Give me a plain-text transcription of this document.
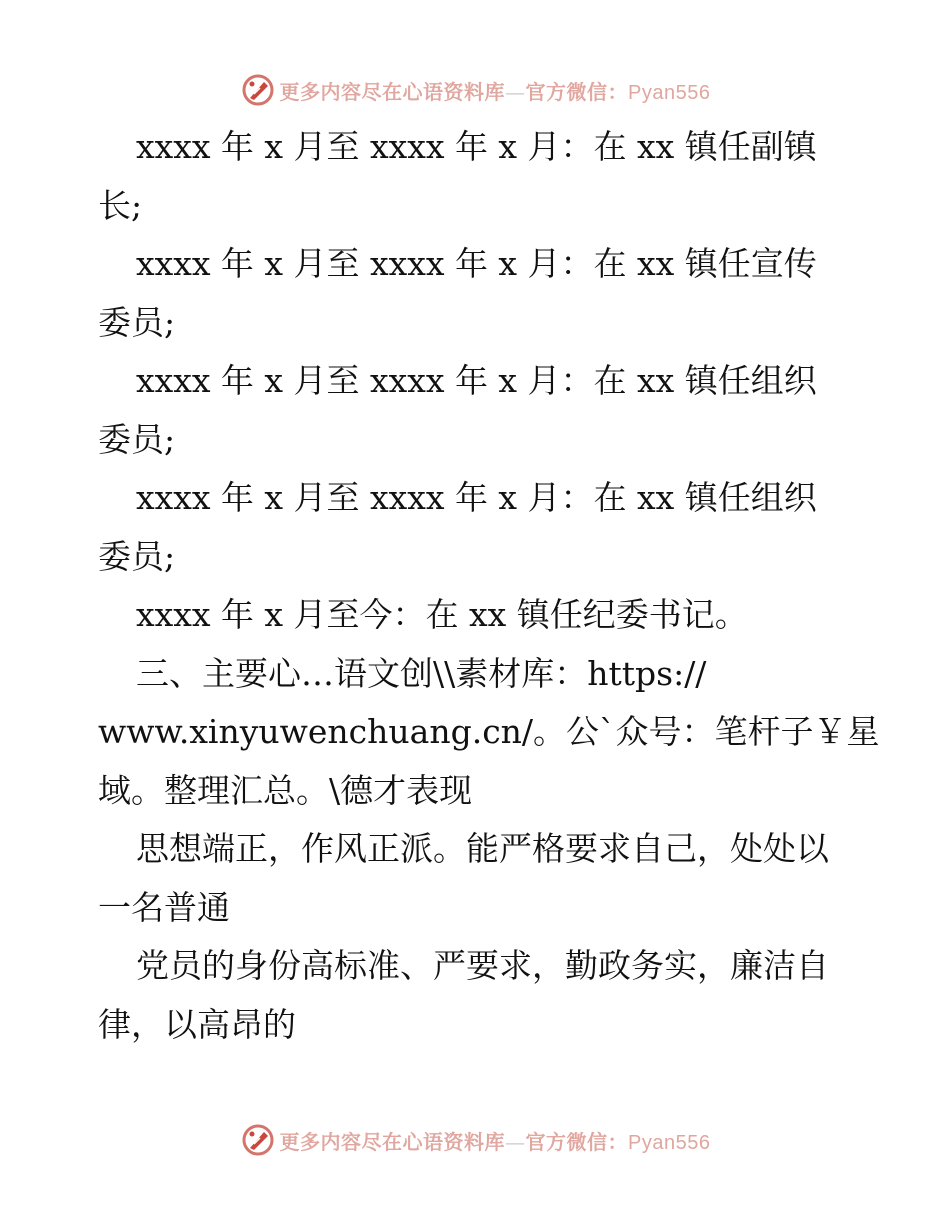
更多内容尽在心语资料库—官方微信：Pyan556
xxxx 年 x 月至 xxxx 年 x 月：在 xx 镇任副镇
长;
xxxx 年 x 月至 xxxx 年 x 月：在 xx 镇任宣传
委员;
xxxx 年 x 月至 xxxx 年 x 月：在 xx 镇任组织
委员;
xxxx 年 x 月至 xxxx 年 x 月：在 xx 镇任组织
委员;
xxxx 年 x 月至今：在 xx 镇任纪委书记。
三、主要心…语文创\\素材库：https://
www.xinyuwenchuang.cn/。公`众号：笔杆子￥星
域。整理汇总。\德才表现
思想端正，作风正派。能严格要求自己，处处以
一名普通
党员的身份高标准、严要求，勤政务实，廉洁自
律，以高昂的
更多内容尽在心语资料库—官方微信：Pyan556
